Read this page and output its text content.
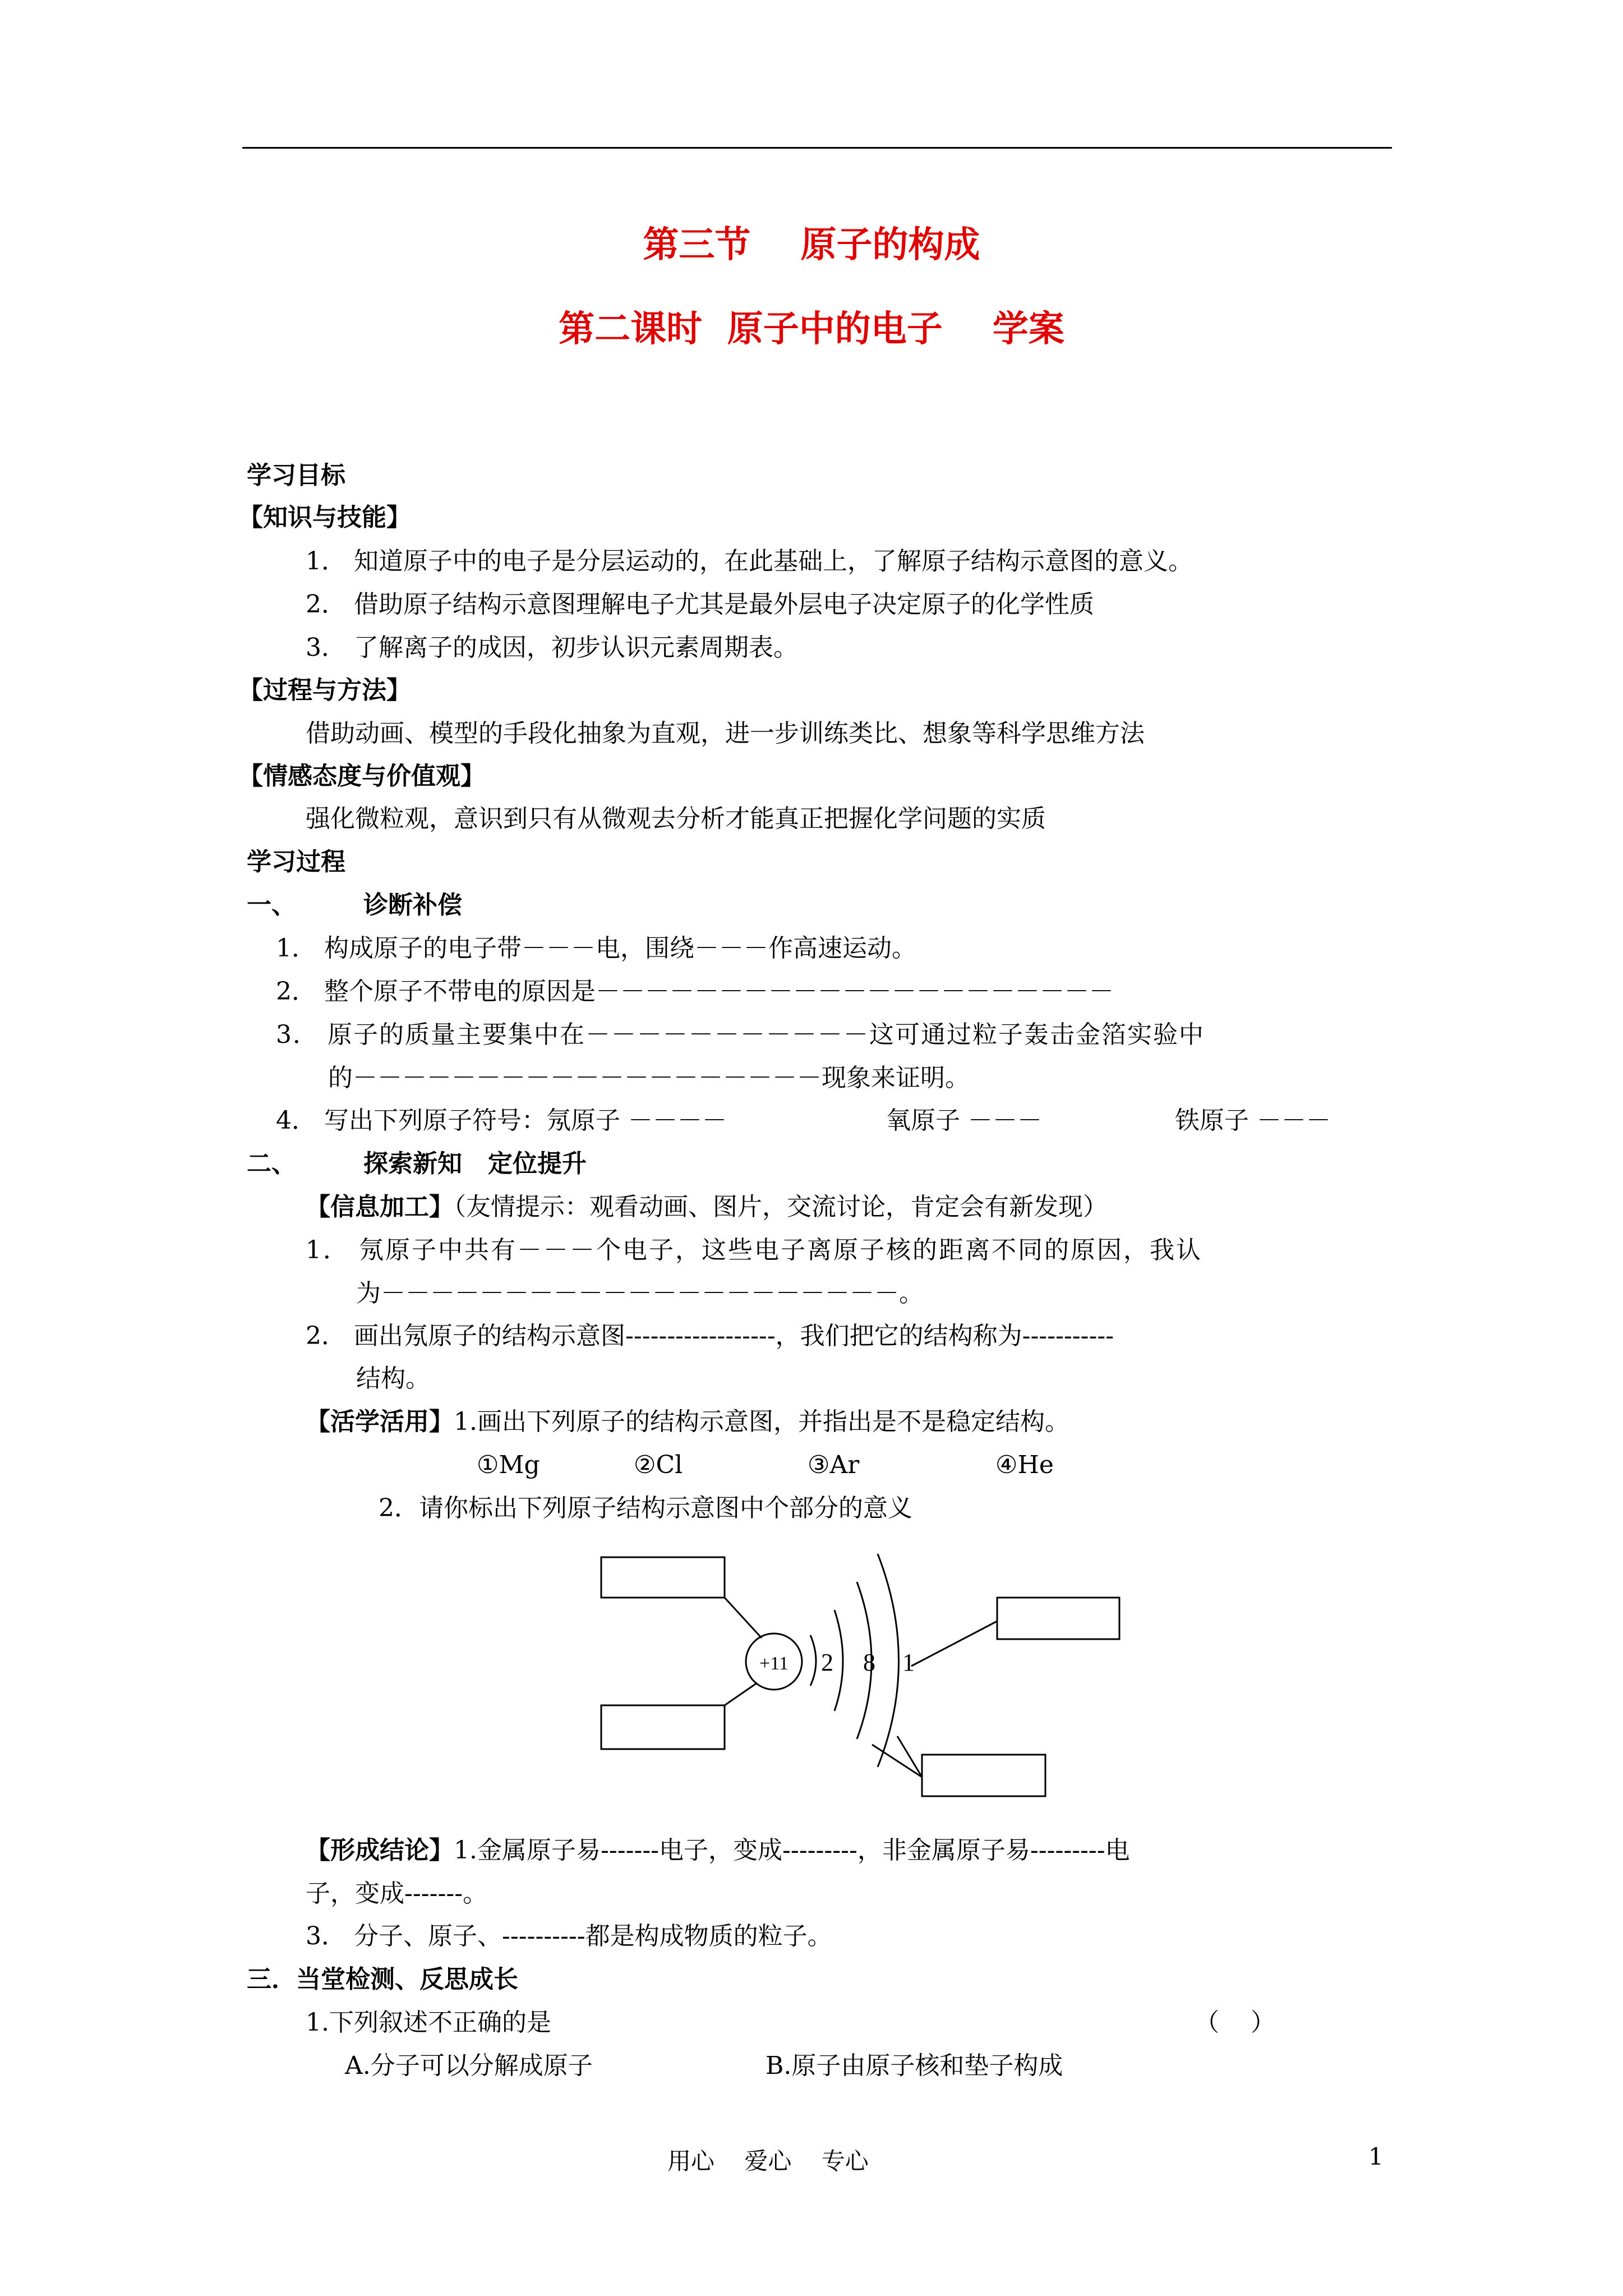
第三节    原子的构成
第二课时  原子中的电子    学案
学习目标
【知识与技能】
1． 知道原子中的电子是分层运动的，在此基础上，了解原子结构示意图的意义。
2． 借助原子结构示意图理解电子尤其是最外层电子决定原子的化学性质
3． 了解离子的成因，初步认识元素周期表。
【过程与方法】
借助动画、模型的手段化抽象为直观，进一步训练类比、想象等科学思维方法
【情感态度与价值观】
强化微粒观，意识到只有从微观去分析才能真正把握化学问题的实质
学习过程
一、	诊断补偿
1． 构成原子的电子带－－－电，围绕－－－作高速运动。
2． 整个原子不带电的原因是－－－－－－－－－－－－－－－－－－－－－
3． 原子的质量主要集中在－－－－－－－－－－－这可通过粒子轰击金箔实验中
的－－－－－－－－－－－－－－－－－－－现象来证明。
4． 写出下列原子符号：氖原子 －－－－	氧原子 －－－	铁原子 －－－
二、	探索新知   定位提升
【信息加工】（友情提示：观看动画、图片，交流讨论，肯定会有新发现）
1． 氖原子中共有－－－个电子，这些电子离原子核的距离不同的原因，我认
为－－－－－－－－－－－－－－－－－－－－－。
2． 画出氖原子的结构示意图------------------，我们把它的结构称为-----------
结构。
【活学活用】1.画出下列原子的结构示意图，并指出是不是稳定结构。
①Mg	②Cl	③Ar	④He
2．请你标出下列原子结构示意图中个部分的意义
+11 2 8 1
【形成结论】1.金属原子易-------电子，变成---------，非金属原子易---------电
子，变成-------。
3． 分子、原子、----------都是构成物质的粒子。
三．当堂检测、反思成长
1.下列叙述不正确的是	（    ）
A.分子可以分解成原子	B.原子由原子核和垫子构成
用心    爱心    专心	1
